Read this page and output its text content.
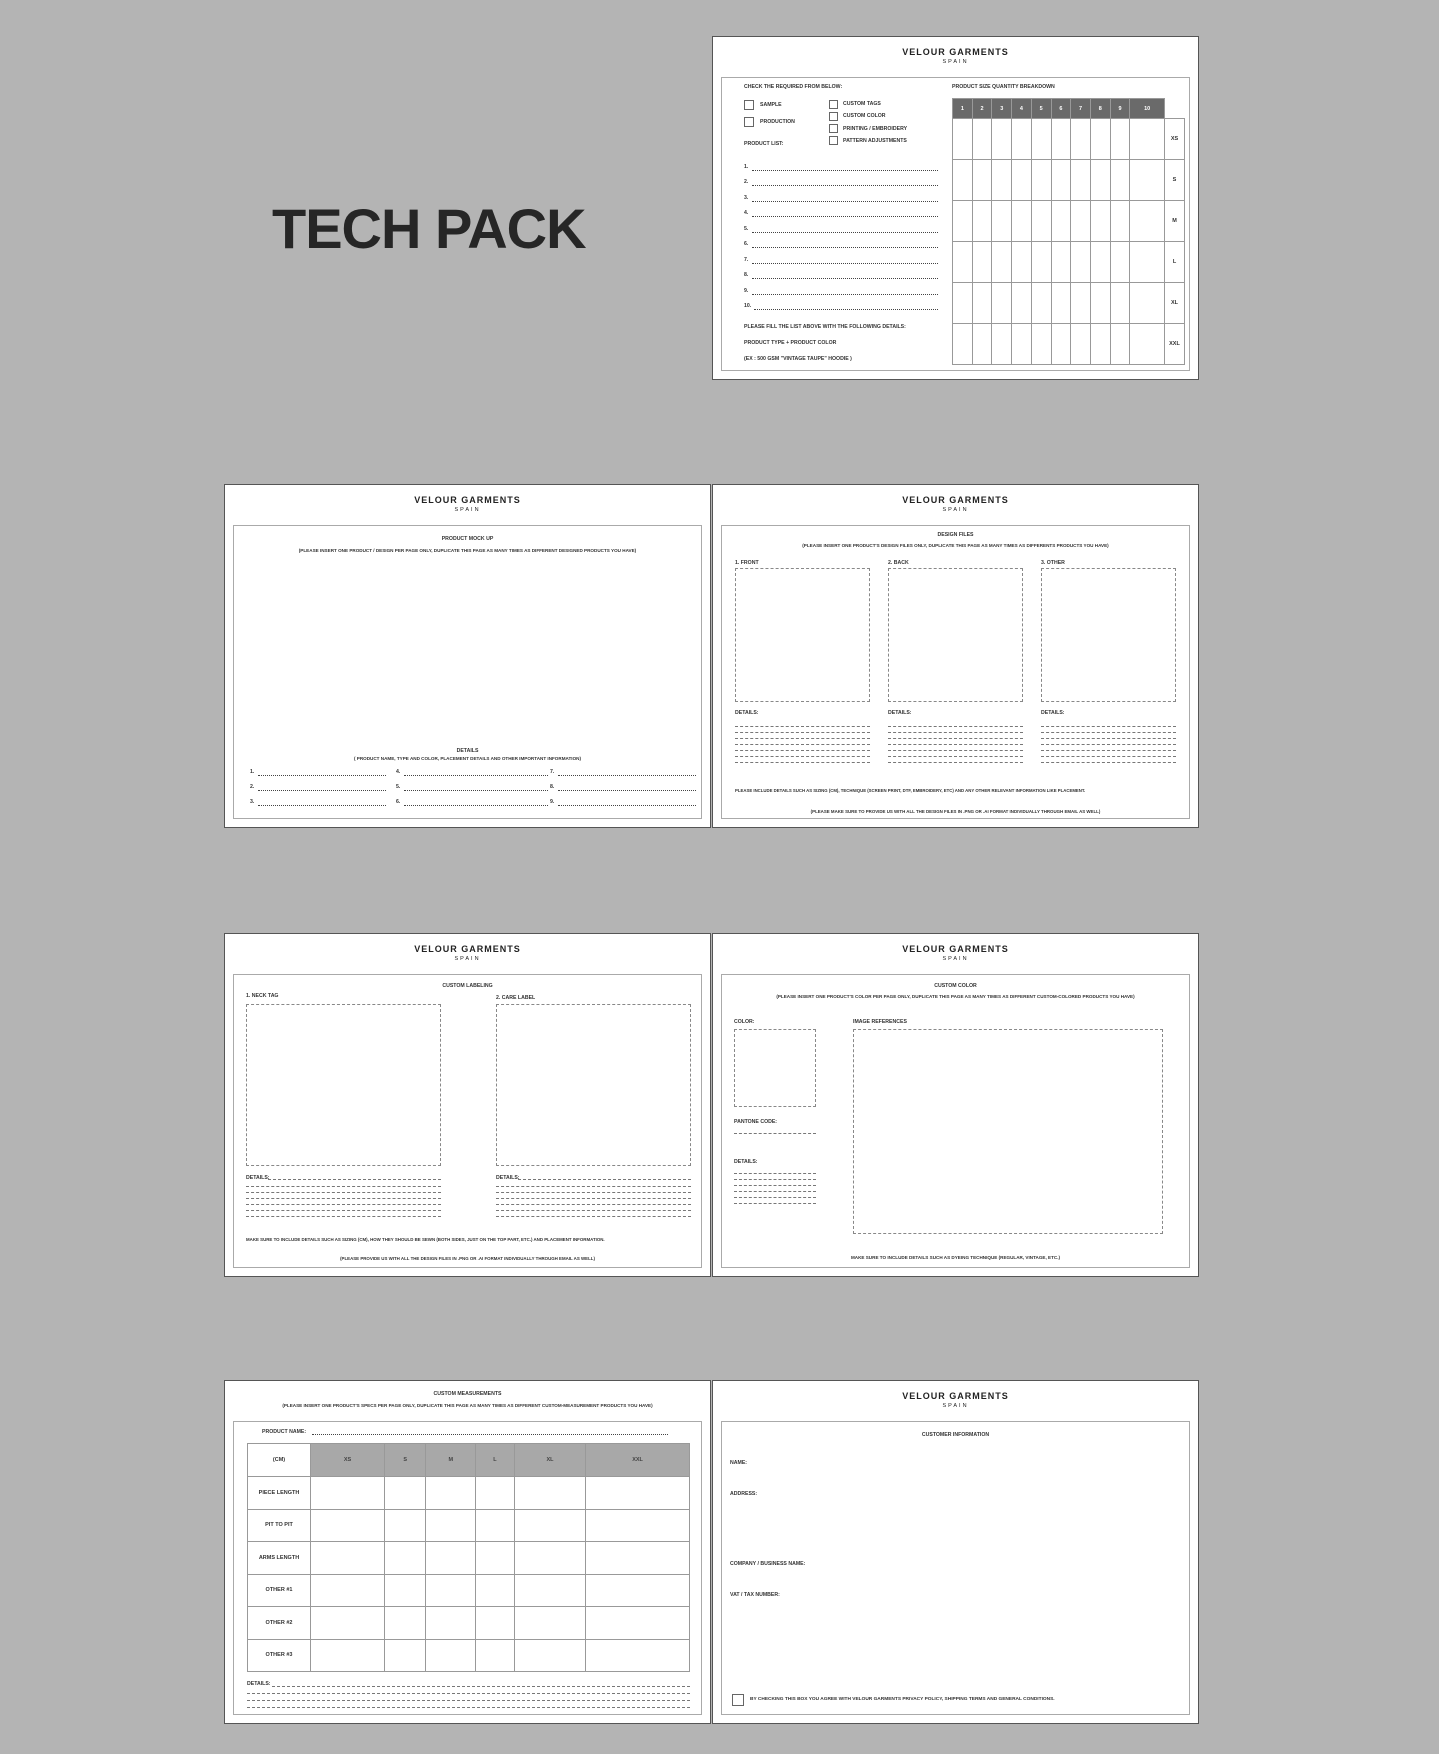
TECH PACK
VELOUR GARMENTS
SPAIN
CHECK THE REQUIRED FROM BELOW:
SAMPLE
PRODUCTION
CUSTOM TAGS
CUSTOM COLOR
PRINTING / EMBROIDERY
PATTERN ADJUSTMENTS
PRODUCT LIST:
1.
2.
3.
4.
5.
6.
7.
8.
9.
10.
PLEASE FILL THE LIST ABOVE WITH THE FOLLOWING DETAILS:
PRODUCT TYPE + PRODUCT COLOR
(EX : 500 GSM "VINTAGE TAUPE" HOODIE )
PRODUCT SIZE QUANTITY BREAKDOWN
1	2	3	4	5	6	7	8	9	10	
										XS
										S
										M
										L
										XL
										XXL
VELOUR GARMENTS
SPAIN
PRODUCT MOCK UP
(PLEASE INSERT ONE PRODUCT / DESIGN PER PAGE ONLY, DUPLICATE THIS PAGE AS MANY TIMES AS DIFFERENT DESIGNED PRODUCTS YOU HAVE)
DETAILS
( PRODUCT NAME, TYPE AND COLOR, PLACEMENT DETAILS AND OTHER IMPORTANT INFORMATION)
1.
2.
3.
4.
5.
6.
7.
8.
9.
VELOUR GARMENTS
SPAIN
DESIGN FILES
(PLEASE INSERT ONE PRODUCT'S DESIGN FILES ONLY, DUPLICATE THIS PAGE AS MANY TIMES AS DIFFERENTS PRODUCTS YOU HAVE)
1. FRONT	2. BACK	3. OTHER
DETAILS:	DETAILS:	DETAILS:
PLEASE INCLUDE DETAILS SUCH AS SIZING (CM), TECHNIQUE (SCREEN PRINT, DTF, EMBROIDERY, ETC) AND ANY OTHER RELEVANT INFORMATION LIKE PLACEMENT.
(PLEASE MAKE SURE TO PROVIDE US WITH ALL THE DESIGN FILES IN .PNG OR .AI FORMAT INDIVIDUALLY THROUGH EMAIL AS WELL)
VELOUR GARMENTS
SPAIN
CUSTOM LABELING
1. NECK TAG	2. CARE LABEL
DETAILS:	DETAILS:
MAKE SURE TO INCLUDE DETAILS SUCH AS SIZING (CM), HOW THEY SHOULD BE SEWN (BOTH SIDES, JUST ON THE TOP PART, ETC.) AND PLACEMENT INFORMATION.
(PLEASE PROVIDE US WITH ALL THE DESIGN FILES IN .PNG OR .AI FORMAT INDIVIDUALLY THROUGH EMAIL AS WELL)
VELOUR GARMENTS
SPAIN
CUSTOM COLOR
(PLEASE INSERT ONE PRODUCT'S COLOR PER PAGE ONLY, DUPLICATE THIS PAGE AS MANY TIMES AS DIFFERENT CUSTOM-COLORED PRODUCTS YOU HAVE)
COLOR:	IMAGE REFERENCES
PANTONE CODE:
DETAILS:
MAKE SURE TO INCLUDE DETAILS SUCH AS DYEING TECHNIQUE (REGULAR, VINTAGE, ETC.)
CUSTOM MEASUREMENTS
(PLEASE INSERT ONE PRODUCT'S SPECS PER PAGE ONLY, DUPLICATE THIS PAGE AS MANY TIMES AS DIFFERENT CUSTOM-MEASUREMENT PRODUCTS YOU HAVE)
PRODUCT NAME:
(CM)	XS	S	M	L	XL	XXL
PIECE LENGTH						
PIT TO PIT						
ARMS LENGTH						
OTHER #1						
OTHER #2						
OTHER #3						
DETAILS:
VELOUR GARMENTS
SPAIN
CUSTOMER INFORMATION
NAME:
ADDRESS:
COMPANY / BUSINESS NAME:
VAT / TAX NUMBER:
BY CHECKING THIS BOX YOU AGREE WITH VELOUR GARMENTS PRIVACY POLICY, SHIPPING TERMS AND GENERAL CONDITIONS.
